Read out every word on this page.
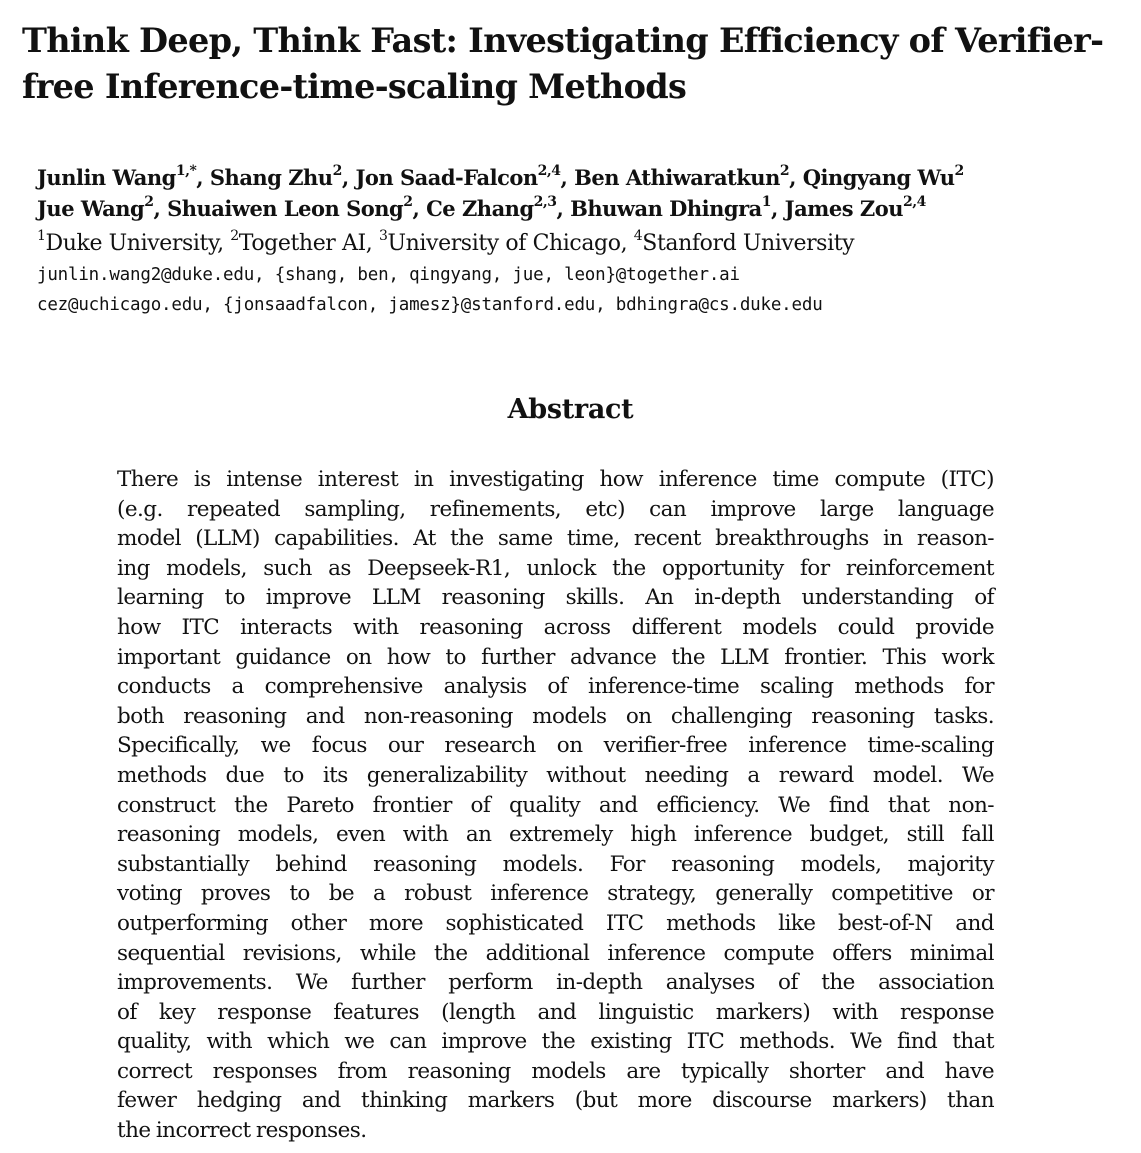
Think Deep, Think Fast: Investigating Efficiency of Verifier-
free Inference-time-scaling Methods
Junlin Wang$^{1,*}$, Shang Zhu$^2$, Jon Saad-Falcon$^{2,4}$, Ben Athiwaratkun$^2$, Qingyang Wu$^2$
Jue Wang$^2$, Shuaiwen Leon Song$^2$, Ce Zhang$^{2,3}$, Bhuwan Dhingra$^1$, James Zou$^{2,4}$
$^1$Duke University, $^2$Together AI, $^3$University of Chicago, $^4$Stanford University
junlin.wang2@duke.edu, {shang, ben, qingyang, jue, leon}@together.ai
cez@uchicago.edu, {jonsaadfalcon, jamesz}@stanford.edu, bdhingra@cs.duke.edu
Abstract
There is intense interest in investigating how inference time compute (ITC)
(e.g. repeated sampling, refinements, etc) can improve large language
model (LLM) capabilities. At the same time, recent breakthroughs in reason-
ing models, such as Deepseek-R1, unlock the opportunity for reinforcement
learning to improve LLM reasoning skills. An in-depth understanding of
how ITC interacts with reasoning across different models could provide
important guidance on how to further advance the LLM frontier. This work
conducts a comprehensive analysis of inference-time scaling methods for
both reasoning and non-reasoning models on challenging reasoning tasks.
Specifically, we focus our research on verifier-free inference time-scaling
methods due to its generalizability without needing a reward model. We
construct the Pareto frontier of quality and efficiency. We find that non-
reasoning models, even with an extremely high inference budget, still fall
substantially behind reasoning models. For reasoning models, majority
voting proves to be a robust inference strategy, generally competitive or
outperforming other more sophisticated ITC methods like best-of-N and
sequential revisions, while the additional inference compute offers minimal
improvements. We further perform in-depth analyses of the association
of key response features (length and linguistic markers) with response
quality, with which we can improve the existing ITC methods. We find that
correct responses from reasoning models are typically shorter and have
fewer hedging and thinking markers (but more discourse markers) than
the incorrect responses.
